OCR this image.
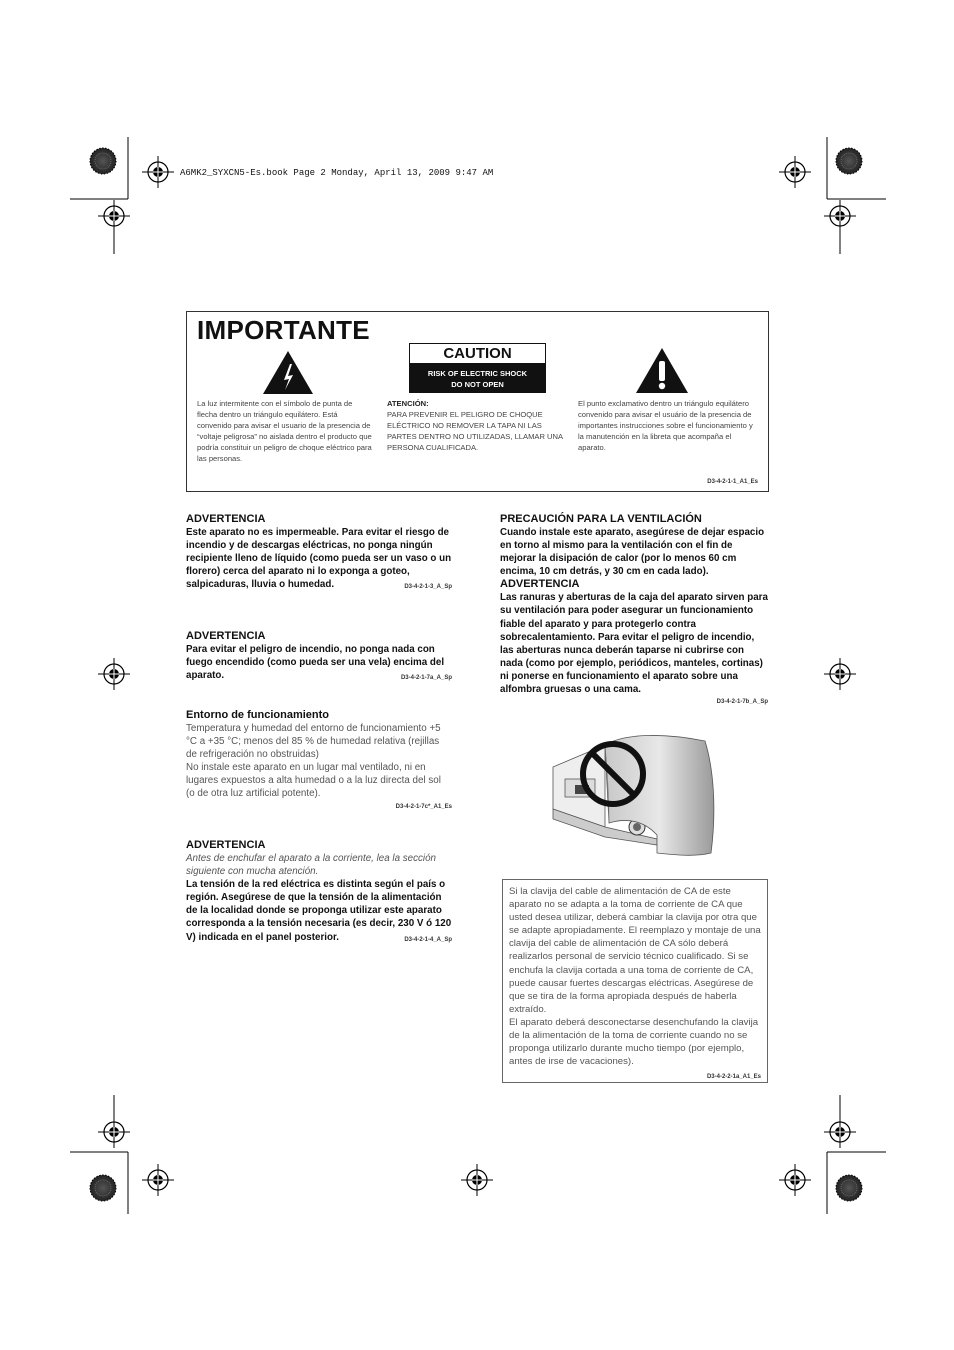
A6MK2_SYXCN5-Es.book Page 2 Monday, April 13, 2009 9:47 AM
IMPORTANTE
CAUTION
RISK OF ELECTRIC SHOCK
DO NOT OPEN
La luz intermitente con el símbolo de punta de flecha dentro un triángulo equilátero. Está convenido para avisar el usuario de la presencia de “voltaje peligrosa” no aislada dentro el producto que podría constituir un peligro de choque eléctrico para las personas.
ATENCIÓN:
PARA PREVENIR EL PELIGRO DE CHOQUE ELÉCTRICO NO REMOVER LA TAPA NI LAS PARTES DENTRO NO UTILIZADAS, LLAMAR UNA PERSONA CUALIFICADA.
El punto exclamativo dentro un triángulo equilátero convenido para avisar el usuário de la presencia de importantes instrucciones sobre el funcionamiento y la manutención en la libreta que acompaña el aparato.
D3-4-2-1-1_A1_Es
ADVERTENCIA
Este aparato no es impermeable. Para evitar el riesgo de incendio y de descargas eléctricas, no ponga ningún recipiente lleno de líquido (como pueda ser un vaso o un florero) cerca del aparato ni lo exponga a goteo, salpicaduras, lluvia o humedad.	D3-4-2-1-3_A_Sp
ADVERTENCIA
Para evitar el peligro de incendio, no ponga nada con fuego encendido (como pueda ser una vela) encima del aparato.	D3-4-2-1-7a_A_Sp
Entorno de funcionamiento
Temperatura y humedad del entorno de funcionamiento +5 °C a +35 °C; menos del 85 % de humedad relativa (rejillas de refrigeración no obstruidas)
No instale este aparato en un lugar mal ventilado, ni en lugares expuestos a alta humedad o a la luz directa del sol (o de otra luz artificial potente).
D3-4-2-1-7c*_A1_Es
ADVERTENCIA
Antes de enchufar el aparato a la corriente, lea la sección siguiente con mucha atención.
La tensión de la red eléctrica es distinta según el país o región. Asegúrese de que la tensión de la alimentación de la localidad donde se proponga utilizar este aparato corresponda a la tensión necesaria (es decir, 230 V ó 120 V) indicada en el panel posterior.	D3-4-2-1-4_A_Sp
PRECAUCIÓN PARA LA VENTILACIÓN
Cuando instale este aparato, asegúrese de dejar espacio en torno al mismo para la ventilación con el fin de mejorar la disipación de calor (por lo menos 60 cm encima, 10 cm detrás, y 30 cm en cada lado).
ADVERTENCIA
Las ranuras y aberturas de la caja del aparato sirven para su ventilación para poder asegurar un funcionamiento fiable del aparato y para protegerlo contra sobrecalentamiento. Para evitar el peligro de incendio, las aberturas nunca deberán taparse ni cubrirse con nada (como por ejemplo, periódicos, manteles, cortinas) ni ponerse en funcionamiento el aparato sobre una alfombra gruesas o una cama.
D3-4-2-1-7b_A_Sp
Si la clavija del cable de alimentación de CA de este aparato no se adapta a la toma de corriente de CA que usted desea utilizar, deberá cambiar la clavija por otra que se adapte apropiadamente. El reemplazo y montaje de una clavija del cable de alimentación de CA sólo deberá realizarlos personal de servicio técnico cualificado. Si se enchufa la clavija cortada a una toma de corriente de CA, puede causar fuertes descargas eléctricas. Asegúrese de que se tira de la forma apropiada después de haberla extraído.
El aparato deberá desconectarse desenchufando la clavija de la alimentación de la toma de corriente cuando no se proponga utilizarlo durante mucho tiempo (por ejemplo, antes de irse de vacaciones).
D3-4-2-2-1a_A1_Es
